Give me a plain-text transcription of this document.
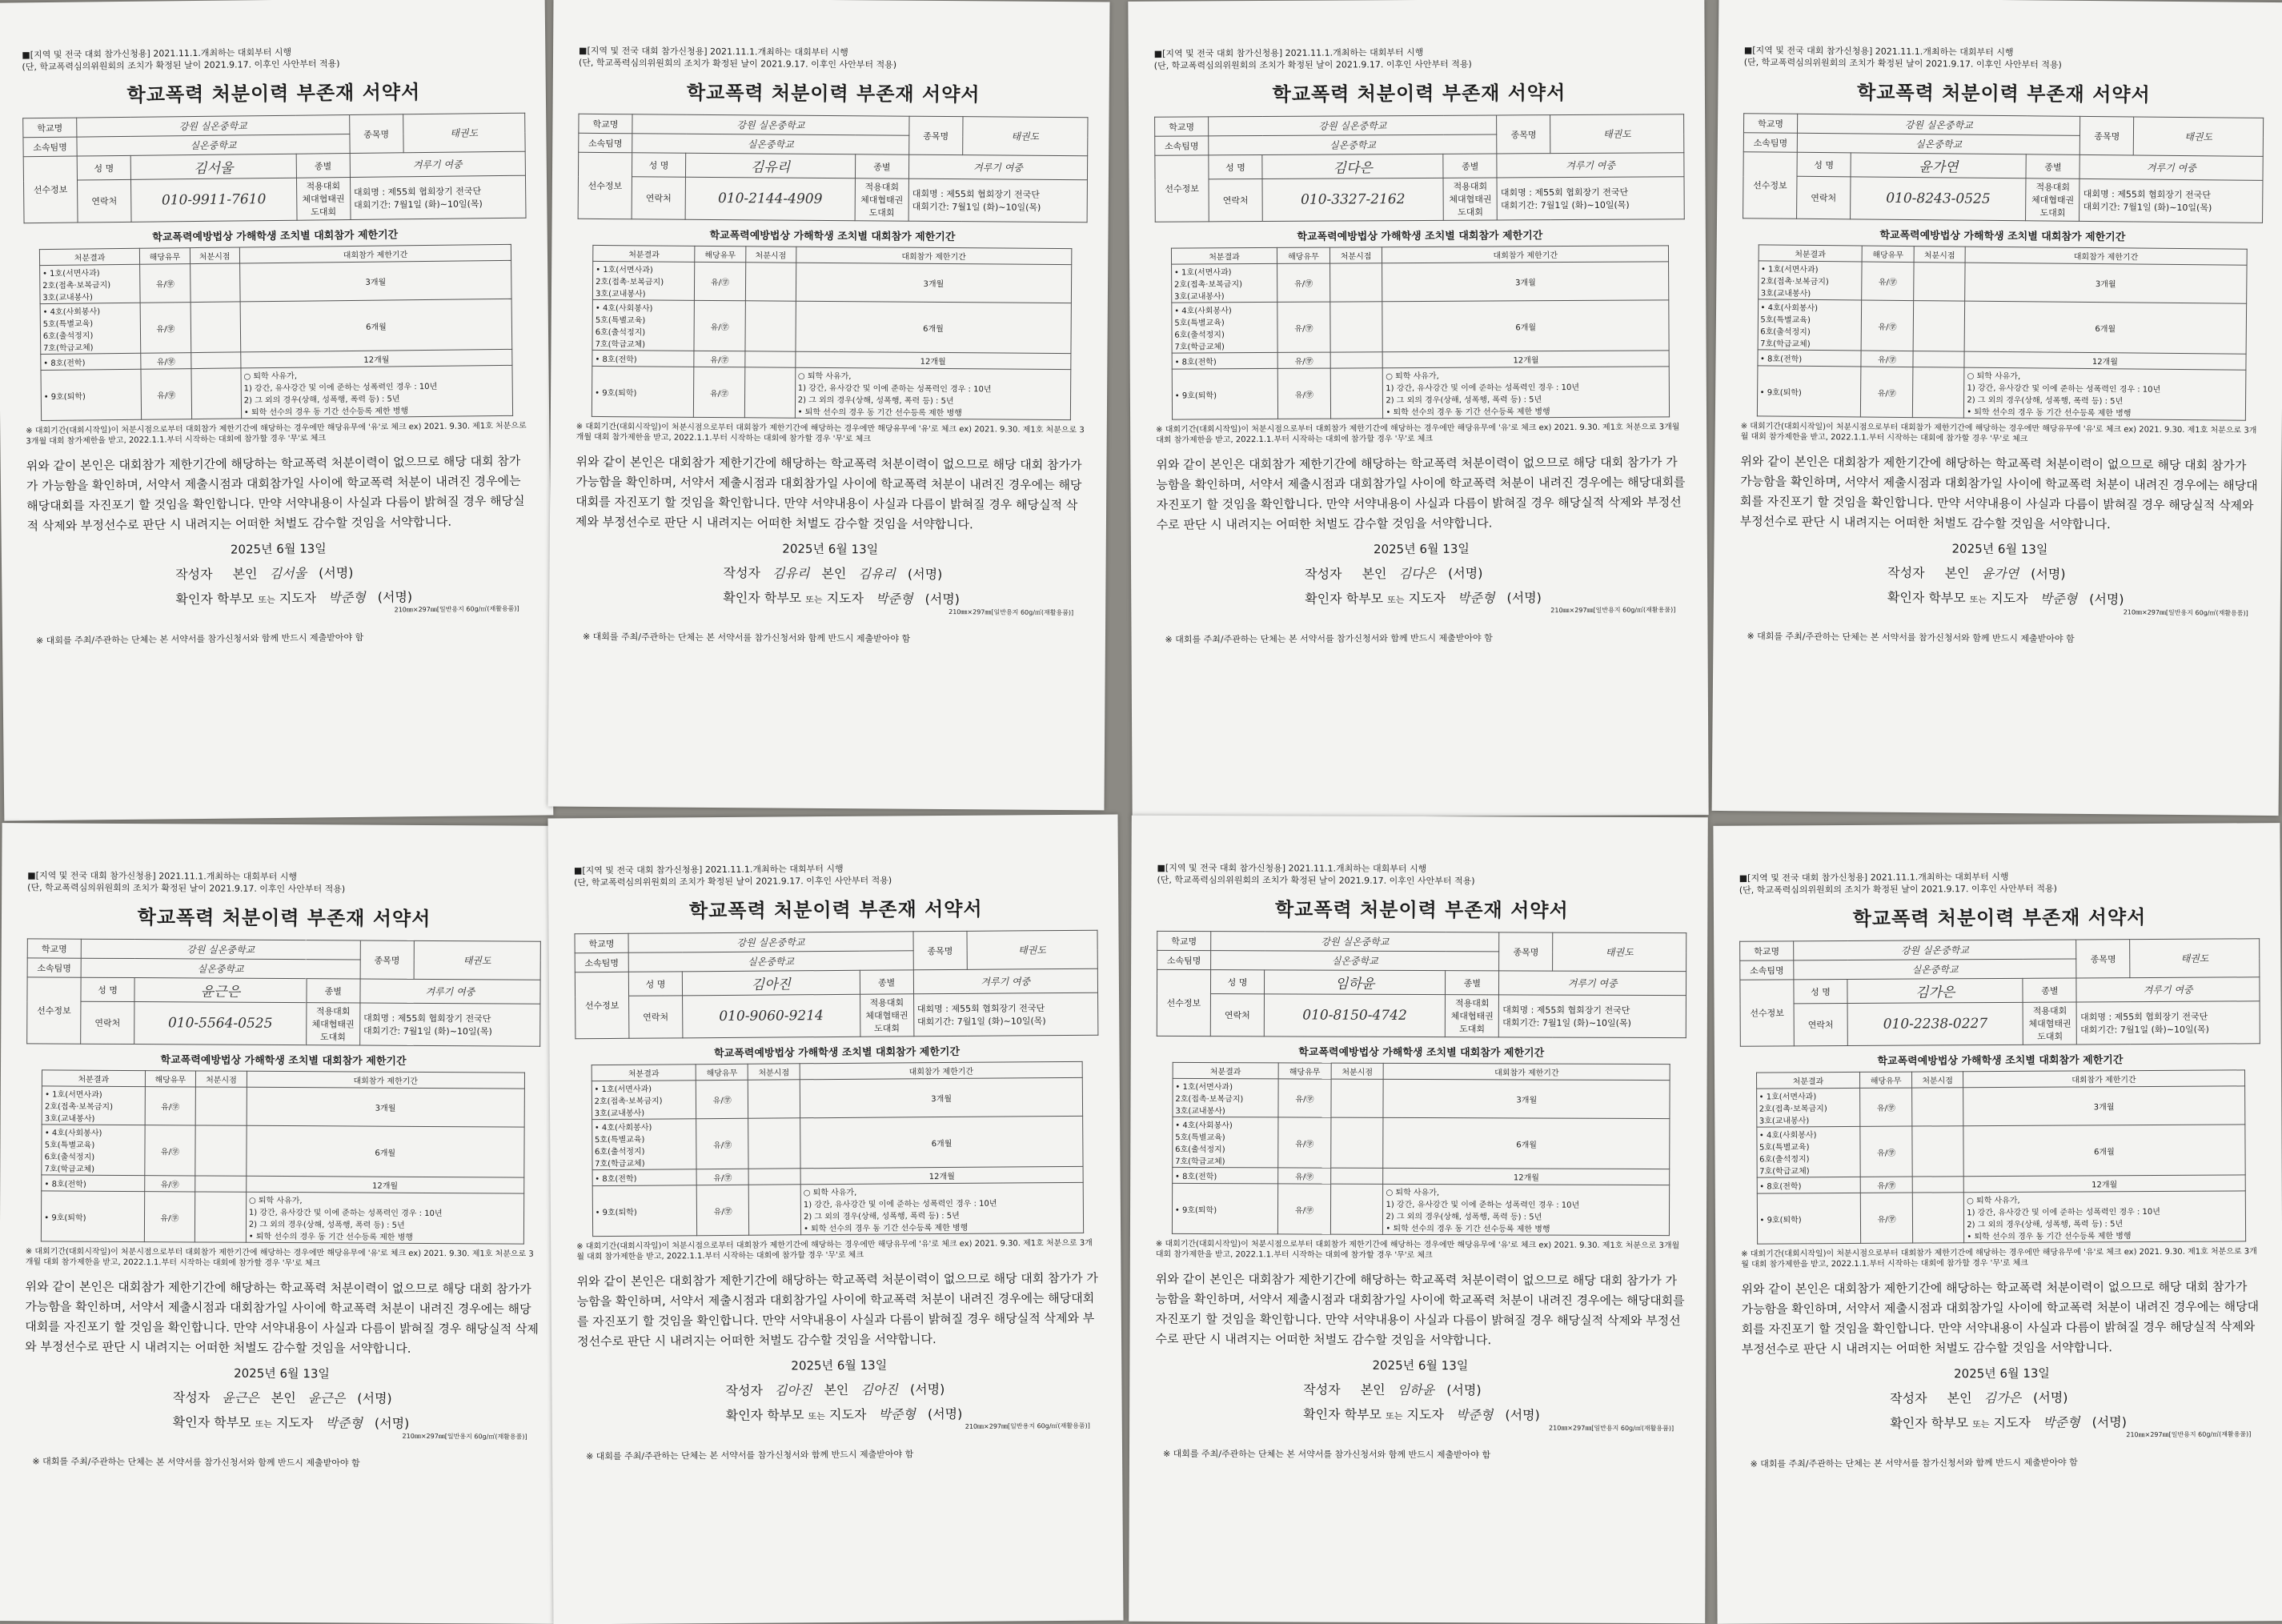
■[지역 및 전국 대회 참가신청용] 2021.11.1.개최하는 대회부터 시행
(단, 학교폭력심의위원회의 조치가 확정된 날이 2021.9.17. 이후인 사안부터 적용)
학교폭력 처분이력 부존재 서약서
학교명	강원 실온중학교			종목명	태권도
소속팀명	실온중학교				
선수정보	성 명	김서울	종별	겨루기 여중	
	연락처	010-9911-7610	적용대회
체대협태권도대회	대회명 : 제55회 협회장기 전국단
대회기간: 7월1일 (화)~10일(목)	
학교폭력예방법상 가해학생 조치별 대회참가 제한기간
처분결과	해당유무	처분시점	대회참가 제한기간
• 1호(서면사과)
2호(접촉·보복금지)
3호(교내봉사)	유/㊫		3개월
• 4호(사회봉사)
5호(특별교육)
6호(출석정지)
7호(학급교체)	유/㊫		6개월
• 8호(전학)	유/㊫		12개월
• 9호(퇴학)	유/㊫		○ 퇴학 사유가,
1) 강간, 유사강간 및 이에 준하는 성폭력인 경우 : 10년
2) 그 외의 경우(상해, 성폭행, 폭력 등) : 5년
• 퇴학 선수의 경우 동 기간 선수등록 제한 병행
※ 대회기간(대회시작일)이 처분시점으로부터 대회참가 제한기간에 해당하는 경우에만 해당유무에 '유'로 체크 ex) 2021. 9.30. 제1호 처분으로 3개월 대회 참가제한을 받고, 2022.1.1.부터 시작하는 대회에 참가할 경우 '무'로 체크
위와 같이 본인은 대회참가 제한기간에 해당하는 학교폭력 처분이력이 없으므로 해당 대회 참가가 가능함을 확인하며, 서약서 제출시점과 대회참가일 사이에 학교폭력 처분이 내려진 경우에는 해당대회를 자진포기 할 것임을 확인합니다. 만약 서약내용이 사실과 다름이 밝혀질 경우 해당실적 삭제와 부정선수로 판단 시 내려지는 어떠한 처벌도 감수할 것임을 서약합니다.
2025년 6월 13일
작성자 본인 김서울 (서명)
확인자 학부모 또는 지도자 박준형 (서명)
210㎜×297㎜[일반용지 60g/㎡(재활용품)]
※ 대회를 주최/주관하는 단체는 본 서약서를 참가신청서와 함께 반드시 제출받아야 함
■[지역 및 전국 대회 참가신청용] 2021.11.1.개최하는 대회부터 시행
(단, 학교폭력심의위원회의 조치가 확정된 날이 2021.9.17. 이후인 사안부터 적용)
학교폭력 처분이력 부존재 서약서
학교명	강원 실온중학교			종목명	태권도
소속팀명	실온중학교				
선수정보	성 명	김유리	종별	겨루기 여중	
	연락처	010-2144-4909	적용대회
체대협태권도대회	대회명 : 제55회 협회장기 전국단
대회기간: 7월1일 (화)~10일(목)	
학교폭력예방법상 가해학생 조치별 대회참가 제한기간
처분결과	해당유무	처분시점	대회참가 제한기간
• 1호(서면사과)
2호(접촉·보복금지)
3호(교내봉사)	유/㊫		3개월
• 4호(사회봉사)
5호(특별교육)
6호(출석정지)
7호(학급교체)	유/㊫		6개월
• 8호(전학)	유/㊫		12개월
• 9호(퇴학)	유/㊫		○ 퇴학 사유가,
1) 강간, 유사강간 및 이에 준하는 성폭력인 경우 : 10년
2) 그 외의 경우(상해, 성폭행, 폭력 등) : 5년
• 퇴학 선수의 경우 동 기간 선수등록 제한 병행
※ 대회기간(대회시작일)이 처분시점으로부터 대회참가 제한기간에 해당하는 경우에만 해당유무에 '유'로 체크 ex) 2021. 9.30. 제1호 처분으로 3개월 대회 참가제한을 받고, 2022.1.1.부터 시작하는 대회에 참가할 경우 '무'로 체크
위와 같이 본인은 대회참가 제한기간에 해당하는 학교폭력 처분이력이 없으므로 해당 대회 참가가 가능함을 확인하며, 서약서 제출시점과 대회참가일 사이에 학교폭력 처분이 내려진 경우에는 해당대회를 자진포기 할 것임을 확인합니다. 만약 서약내용이 사실과 다름이 밝혀질 경우 해당실적 삭제와 부정선수로 판단 시 내려지는 어떠한 처벌도 감수할 것임을 서약합니다.
2025년 6월 13일
작성자 김유리 본인 김유리 (서명)
확인자 학부모 또는 지도자 박준형 (서명)
210㎜×297㎜[일반용지 60g/㎡(재활용품)]
※ 대회를 주최/주관하는 단체는 본 서약서를 참가신청서와 함께 반드시 제출받아야 함
■[지역 및 전국 대회 참가신청용] 2021.11.1.개최하는 대회부터 시행
(단, 학교폭력심의위원회의 조치가 확정된 날이 2021.9.17. 이후인 사안부터 적용)
학교폭력 처분이력 부존재 서약서
학교명	강원 실온중학교			종목명	태권도
소속팀명	실온중학교				
선수정보	성 명	김다은	종별	겨루기 여중	
	연락처	010-3327-2162	적용대회
체대협태권도대회	대회명 : 제55회 협회장기 전국단
대회기간: 7월1일 (화)~10일(목)	
학교폭력예방법상 가해학생 조치별 대회참가 제한기간
처분결과	해당유무	처분시점	대회참가 제한기간
• 1호(서면사과)
2호(접촉·보복금지)
3호(교내봉사)	유/㊫		3개월
• 4호(사회봉사)
5호(특별교육)
6호(출석정지)
7호(학급교체)	유/㊫		6개월
• 8호(전학)	유/㊫		12개월
• 9호(퇴학)	유/㊫		○ 퇴학 사유가,
1) 강간, 유사강간 및 이에 준하는 성폭력인 경우 : 10년
2) 그 외의 경우(상해, 성폭행, 폭력 등) : 5년
• 퇴학 선수의 경우 동 기간 선수등록 제한 병행
※ 대회기간(대회시작일)이 처분시점으로부터 대회참가 제한기간에 해당하는 경우에만 해당유무에 '유'로 체크 ex) 2021. 9.30. 제1호 처분으로 3개월 대회 참가제한을 받고, 2022.1.1.부터 시작하는 대회에 참가할 경우 '무'로 체크
위와 같이 본인은 대회참가 제한기간에 해당하는 학교폭력 처분이력이 없으므로 해당 대회 참가가 가능함을 확인하며, 서약서 제출시점과 대회참가일 사이에 학교폭력 처분이 내려진 경우에는 해당대회를 자진포기 할 것임을 확인합니다. 만약 서약내용이 사실과 다름이 밝혀질 경우 해당실적 삭제와 부정선수로 판단 시 내려지는 어떠한 처벌도 감수할 것임을 서약합니다.
2025년 6월 13일
작성자 본인 김다은 (서명)
확인자 학부모 또는 지도자 박준형 (서명)
210㎜×297㎜[일반용지 60g/㎡(재활용품)]
※ 대회를 주최/주관하는 단체는 본 서약서를 참가신청서와 함께 반드시 제출받아야 함
■[지역 및 전국 대회 참가신청용] 2021.11.1.개최하는 대회부터 시행
(단, 학교폭력심의위원회의 조치가 확정된 날이 2021.9.17. 이후인 사안부터 적용)
학교폭력 처분이력 부존재 서약서
학교명	강원 실온중학교			종목명	태권도
소속팀명	실온중학교				
선수정보	성 명	윤가연	종별	겨루기 여중	
	연락처	010-8243-0525	적용대회
체대협태권도대회	대회명 : 제55회 협회장기 전국단
대회기간: 7월1일 (화)~10일(목)	
학교폭력예방법상 가해학생 조치별 대회참가 제한기간
처분결과	해당유무	처분시점	대회참가 제한기간
• 1호(서면사과)
2호(접촉·보복금지)
3호(교내봉사)	유/㊫		3개월
• 4호(사회봉사)
5호(특별교육)
6호(출석정지)
7호(학급교체)	유/㊫		6개월
• 8호(전학)	유/㊫		12개월
• 9호(퇴학)	유/㊫		○ 퇴학 사유가,
1) 강간, 유사강간 및 이에 준하는 성폭력인 경우 : 10년
2) 그 외의 경우(상해, 성폭행, 폭력 등) : 5년
• 퇴학 선수의 경우 동 기간 선수등록 제한 병행
※ 대회기간(대회시작일)이 처분시점으로부터 대회참가 제한기간에 해당하는 경우에만 해당유무에 '유'로 체크 ex) 2021. 9.30. 제1호 처분으로 3개월 대회 참가제한을 받고, 2022.1.1.부터 시작하는 대회에 참가할 경우 '무'로 체크
위와 같이 본인은 대회참가 제한기간에 해당하는 학교폭력 처분이력이 없으므로 해당 대회 참가가 가능함을 확인하며, 서약서 제출시점과 대회참가일 사이에 학교폭력 처분이 내려진 경우에는 해당대회를 자진포기 할 것임을 확인합니다. 만약 서약내용이 사실과 다름이 밝혀질 경우 해당실적 삭제와 부정선수로 판단 시 내려지는 어떠한 처벌도 감수할 것임을 서약합니다.
2025년 6월 13일
작성자 본인 윤가연 (서명)
확인자 학부모 또는 지도자 박준형 (서명)
210㎜×297㎜[일반용지 60g/㎡(재활용품)]
※ 대회를 주최/주관하는 단체는 본 서약서를 참가신청서와 함께 반드시 제출받아야 함
■[지역 및 전국 대회 참가신청용] 2021.11.1.개최하는 대회부터 시행
(단, 학교폭력심의위원회의 조치가 확정된 날이 2021.9.17. 이후인 사안부터 적용)
학교폭력 처분이력 부존재 서약서
학교명	강원 실온중학교			종목명	태권도
소속팀명	실온중학교				
선수정보	성 명	윤근은	종별	겨루기 여중	
	연락처	010-5564-0525	적용대회
체대협태권도대회	대회명 : 제55회 협회장기 전국단
대회기간: 7월1일 (화)~10일(목)	
학교폭력예방법상 가해학생 조치별 대회참가 제한기간
처분결과	해당유무	처분시점	대회참가 제한기간
• 1호(서면사과)
2호(접촉·보복금지)
3호(교내봉사)	유/㊫		3개월
• 4호(사회봉사)
5호(특별교육)
6호(출석정지)
7호(학급교체)	유/㊫		6개월
• 8호(전학)	유/㊫		12개월
• 9호(퇴학)	유/㊫		○ 퇴학 사유가,
1) 강간, 유사강간 및 이에 준하는 성폭력인 경우 : 10년
2) 그 외의 경우(상해, 성폭행, 폭력 등) : 5년
• 퇴학 선수의 경우 동 기간 선수등록 제한 병행
※ 대회기간(대회시작일)이 처분시점으로부터 대회참가 제한기간에 해당하는 경우에만 해당유무에 '유'로 체크 ex) 2021. 9.30. 제1호 처분으로 3개월 대회 참가제한을 받고, 2022.1.1.부터 시작하는 대회에 참가할 경우 '무'로 체크
위와 같이 본인은 대회참가 제한기간에 해당하는 학교폭력 처분이력이 없으므로 해당 대회 참가가 가능함을 확인하며, 서약서 제출시점과 대회참가일 사이에 학교폭력 처분이 내려진 경우에는 해당대회를 자진포기 할 것임을 확인합니다. 만약 서약내용이 사실과 다름이 밝혀질 경우 해당실적 삭제와 부정선수로 판단 시 내려지는 어떠한 처벌도 감수할 것임을 서약합니다.
2025년 6월 13일
작성자 윤근은 본인 윤근은 (서명)
확인자 학부모 또는 지도자 박준형 (서명)
210㎜×297㎜[일반용지 60g/㎡(재활용품)]
※ 대회를 주최/주관하는 단체는 본 서약서를 참가신청서와 함께 반드시 제출받아야 함
■[지역 및 전국 대회 참가신청용] 2021.11.1.개최하는 대회부터 시행
(단, 학교폭력심의위원회의 조치가 확정된 날이 2021.9.17. 이후인 사안부터 적용)
학교폭력 처분이력 부존재 서약서
학교명	강원 실온중학교			종목명	태권도
소속팀명	실온중학교				
선수정보	성 명	김아진	종별	겨루기 여중	
	연락처	010-9060-9214	적용대회
체대협태권도대회	대회명 : 제55회 협회장기 전국단
대회기간: 7월1일 (화)~10일(목)	
학교폭력예방법상 가해학생 조치별 대회참가 제한기간
처분결과	해당유무	처분시점	대회참가 제한기간
• 1호(서면사과)
2호(접촉·보복금지)
3호(교내봉사)	유/㊫		3개월
• 4호(사회봉사)
5호(특별교육)
6호(출석정지)
7호(학급교체)	유/㊫		6개월
• 8호(전학)	유/㊫		12개월
• 9호(퇴학)	유/㊫		○ 퇴학 사유가,
1) 강간, 유사강간 및 이에 준하는 성폭력인 경우 : 10년
2) 그 외의 경우(상해, 성폭행, 폭력 등) : 5년
• 퇴학 선수의 경우 동 기간 선수등록 제한 병행
※ 대회기간(대회시작일)이 처분시점으로부터 대회참가 제한기간에 해당하는 경우에만 해당유무에 '유'로 체크 ex) 2021. 9.30. 제1호 처분으로 3개월 대회 참가제한을 받고, 2022.1.1.부터 시작하는 대회에 참가할 경우 '무'로 체크
위와 같이 본인은 대회참가 제한기간에 해당하는 학교폭력 처분이력이 없으므로 해당 대회 참가가 가능함을 확인하며, 서약서 제출시점과 대회참가일 사이에 학교폭력 처분이 내려진 경우에는 해당대회를 자진포기 할 것임을 확인합니다. 만약 서약내용이 사실과 다름이 밝혀질 경우 해당실적 삭제와 부정선수로 판단 시 내려지는 어떠한 처벌도 감수할 것임을 서약합니다.
2025년 6월 13일
작성자 김아진 본인 김아진 (서명)
확인자 학부모 또는 지도자 박준형 (서명)
210㎜×297㎜[일반용지 60g/㎡(재활용품)]
※ 대회를 주최/주관하는 단체는 본 서약서를 참가신청서와 함께 반드시 제출받아야 함
■[지역 및 전국 대회 참가신청용] 2021.11.1.개최하는 대회부터 시행
(단, 학교폭력심의위원회의 조치가 확정된 날이 2021.9.17. 이후인 사안부터 적용)
학교폭력 처분이력 부존재 서약서
학교명	강원 실온중학교			종목명	태권도
소속팀명	실온중학교				
선수정보	성 명	임하윤	종별	겨루기 여중	
	연락처	010-8150-4742	적용대회
체대협태권도대회	대회명 : 제55회 협회장기 전국단
대회기간: 7월1일 (화)~10일(목)	
학교폭력예방법상 가해학생 조치별 대회참가 제한기간
처분결과	해당유무	처분시점	대회참가 제한기간
• 1호(서면사과)
2호(접촉·보복금지)
3호(교내봉사)	유/㊫		3개월
• 4호(사회봉사)
5호(특별교육)
6호(출석정지)
7호(학급교체)	유/㊫		6개월
• 8호(전학)	유/㊫		12개월
• 9호(퇴학)	유/㊫		○ 퇴학 사유가,
1) 강간, 유사강간 및 이에 준하는 성폭력인 경우 : 10년
2) 그 외의 경우(상해, 성폭행, 폭력 등) : 5년
• 퇴학 선수의 경우 동 기간 선수등록 제한 병행
※ 대회기간(대회시작일)이 처분시점으로부터 대회참가 제한기간에 해당하는 경우에만 해당유무에 '유'로 체크 ex) 2021. 9.30. 제1호 처분으로 3개월 대회 참가제한을 받고, 2022.1.1.부터 시작하는 대회에 참가할 경우 '무'로 체크
위와 같이 본인은 대회참가 제한기간에 해당하는 학교폭력 처분이력이 없으므로 해당 대회 참가가 가능함을 확인하며, 서약서 제출시점과 대회참가일 사이에 학교폭력 처분이 내려진 경우에는 해당대회를 자진포기 할 것임을 확인합니다. 만약 서약내용이 사실과 다름이 밝혀질 경우 해당실적 삭제와 부정선수로 판단 시 내려지는 어떠한 처벌도 감수할 것임을 서약합니다.
2025년 6월 13일
작성자 본인 임하윤 (서명)
확인자 학부모 또는 지도자 박준형 (서명)
210㎜×297㎜[일반용지 60g/㎡(재활용품)]
※ 대회를 주최/주관하는 단체는 본 서약서를 참가신청서와 함께 반드시 제출받아야 함
■[지역 및 전국 대회 참가신청용] 2021.11.1.개최하는 대회부터 시행
(단, 학교폭력심의위원회의 조치가 확정된 날이 2021.9.17. 이후인 사안부터 적용)
학교폭력 처분이력 부존재 서약서
학교명	강원 실온중학교			종목명	태권도
소속팀명	실온중학교				
선수정보	성 명	김가은	종별	겨루기 여중	
	연락처	010-2238-0227	적용대회
체대협태권도대회	대회명 : 제55회 협회장기 전국단
대회기간: 7월1일 (화)~10일(목)	
학교폭력예방법상 가해학생 조치별 대회참가 제한기간
처분결과	해당유무	처분시점	대회참가 제한기간
• 1호(서면사과)
2호(접촉·보복금지)
3호(교내봉사)	유/㊫		3개월
• 4호(사회봉사)
5호(특별교육)
6호(출석정지)
7호(학급교체)	유/㊫		6개월
• 8호(전학)	유/㊫		12개월
• 9호(퇴학)	유/㊫		○ 퇴학 사유가,
1) 강간, 유사강간 및 이에 준하는 성폭력인 경우 : 10년
2) 그 외의 경우(상해, 성폭행, 폭력 등) : 5년
• 퇴학 선수의 경우 동 기간 선수등록 제한 병행
※ 대회기간(대회시작일)이 처분시점으로부터 대회참가 제한기간에 해당하는 경우에만 해당유무에 '유'로 체크 ex) 2021. 9.30. 제1호 처분으로 3개월 대회 참가제한을 받고, 2022.1.1.부터 시작하는 대회에 참가할 경우 '무'로 체크
위와 같이 본인은 대회참가 제한기간에 해당하는 학교폭력 처분이력이 없으므로 해당 대회 참가가 가능함을 확인하며, 서약서 제출시점과 대회참가일 사이에 학교폭력 처분이 내려진 경우에는 해당대회를 자진포기 할 것임을 확인합니다. 만약 서약내용이 사실과 다름이 밝혀질 경우 해당실적 삭제와 부정선수로 판단 시 내려지는 어떠한 처벌도 감수할 것임을 서약합니다.
2025년 6월 13일
작성자 본인 김가은 (서명)
확인자 학부모 또는 지도자 박준형 (서명)
210㎜×297㎜[일반용지 60g/㎡(재활용품)]
※ 대회를 주최/주관하는 단체는 본 서약서를 참가신청서와 함께 반드시 제출받아야 함
